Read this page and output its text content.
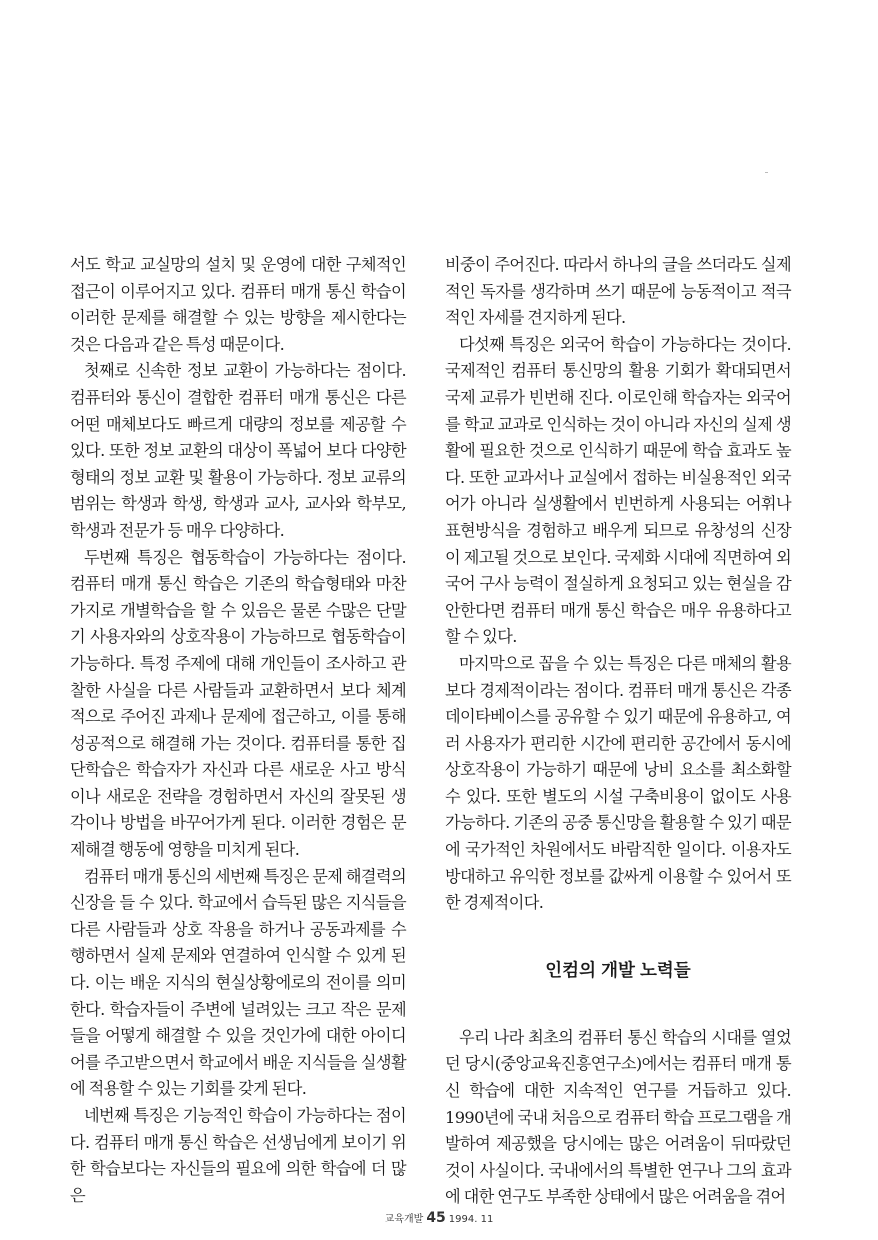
서도 학교 교실망의 설치 및 운영에 대한 구체적인 접근이 이루어지고 있다. 컴퓨터 매개 통신 학습이 이러한 문제를 해결할 수 있는 방향을 제시한다는 것은 다음과 같은 특성 때문이다.

첫째로 신속한 정보 교환이 가능하다는 점이다. 컴퓨터와 통신이 결합한 컴퓨터 매개 통신은 다른 어떤 매체보다도 빠르게 대량의 정보를 제공할 수 있다. 또한 정보 교환의 대상이 폭넓어 보다 다양한 형태의 정보 교환 및 활용이 가능하다. 정보 교류의 범위는 학생과 학생, 학생과 교사, 교사와 학부모, 학생과 전문가 등 매우 다양하다.

두번째 특징은 협동학습이 가능하다는 점이다. 컴퓨터 매개 통신 학습은 기존의 학습형태와 마찬가지로 개별학습을 할 수 있음은 물론 수많은 단말기 사용자와의 상호작용이 가능하므로 협동학습이 가능하다. 특정 주제에 대해 개인들이 조사하고 관찰한 사실을 다른 사람들과 교환하면서 보다 체계적으로 주어진 과제나 문제에 접근하고, 이를 통해 성공적으로 해결해 가는 것이다. 컴퓨터를 통한 집단학습은 학습자가 자신과 다른 새로운 사고 방식이나 새로운 전략을 경험하면서 자신의 잘못된 생각이나 방법을 바꾸어가게 된다. 이러한 경험은 문제해결 행동에 영향을 미치게 된다.

컴퓨터 매개 통신의 세번째 특징은 문제 해결력의 신장을 들 수 있다. 학교에서 습득된 많은 지식들을 다른 사람들과 상호 작용을 하거나 공동과제를 수행하면서 실제 문제와 연결하여 인식할 수 있게 된다. 이는 배운 지식의 현실상황에로의 전이를 의미한다. 학습자들이 주변에 널려있는 크고 작은 문제들을 어떻게 해결할 수 있을 것인가에 대한 아이디어를 주고받으면서 학교에서 배운 지식들을 실생활에 적용할 수 있는 기회를 갖게 된다.

네번째 특징은 기능적인 학습이 가능하다는 점이다. 컴퓨터 매개 통신 학습은 선생님에게 보이기 위한 학습보다는 자신들의 필요에 의한 학습에 더 많은

비중이 주어진다. 따라서 하나의 글을 쓰더라도 실제적인 독자를 생각하며 쓰기 때문에 능동적이고 적극적인 자세를 견지하게 된다.

다섯째 특징은 외국어 학습이 가능하다는 것이다. 국제적인 컴퓨터 통신망의 활용 기회가 확대되면서 국제 교류가 빈번해 진다. 이로인해 학습자는 외국어를 학교 교과로 인식하는 것이 아니라 자신의 실제 생활에 필요한 것으로 인식하기 때문에 학습 효과도 높다. 또한 교과서나 교실에서 접하는 비실용적인 외국어가 아니라 실생활에서 빈번하게 사용되는 어휘나 표현방식을 경험하고 배우게 되므로 유창성의 신장이 제고될 것으로 보인다. 국제화 시대에 직면하여 외국어 구사 능력이 절실하게 요청되고 있는 현실을 감안한다면 컴퓨터 매개 통신 학습은 매우 유용하다고 할 수 있다.

마지막으로 꼽을 수 있는 특징은 다른 매체의 활용보다 경제적이라는 점이다. 컴퓨터 매개 통신은 각종 데이타베이스를 공유할 수 있기 때문에 유용하고, 여러 사용자가 편리한 시간에 편리한 공간에서 동시에 상호작용이 가능하기 때문에 낭비 요소를 최소화할 수 있다. 또한 별도의 시설 구축비용이 없이도 사용 가능하다. 기존의 공중 통신망을 활용할 수 있기 때문에 국가적인 차원에서도 바람직한 일이다. 이용자도 방대하고 유익한 정보를 값싸게 이용할 수 있어서 또한 경제적이다.

인컴의 개발 노력들

우리 나라 최초의 컴퓨터 통신 학습의 시대를 열었던 당시(중앙교육진흥연구소)에서는 컴퓨터 매개 통신 학습에 대한 지속적인 연구를 거듭하고 있다. 1990년에 국내 처음으로 컴퓨터 학습 프로그램을 개발하여 제공했을 당시에는 많은 어려움이 뒤따랐던 것이 사실이다. 국내에서의 특별한 연구나 그의 효과에 대한 연구도 부족한 상태에서 많은 어려움을 겪어

교육개발 45 1994. 11
